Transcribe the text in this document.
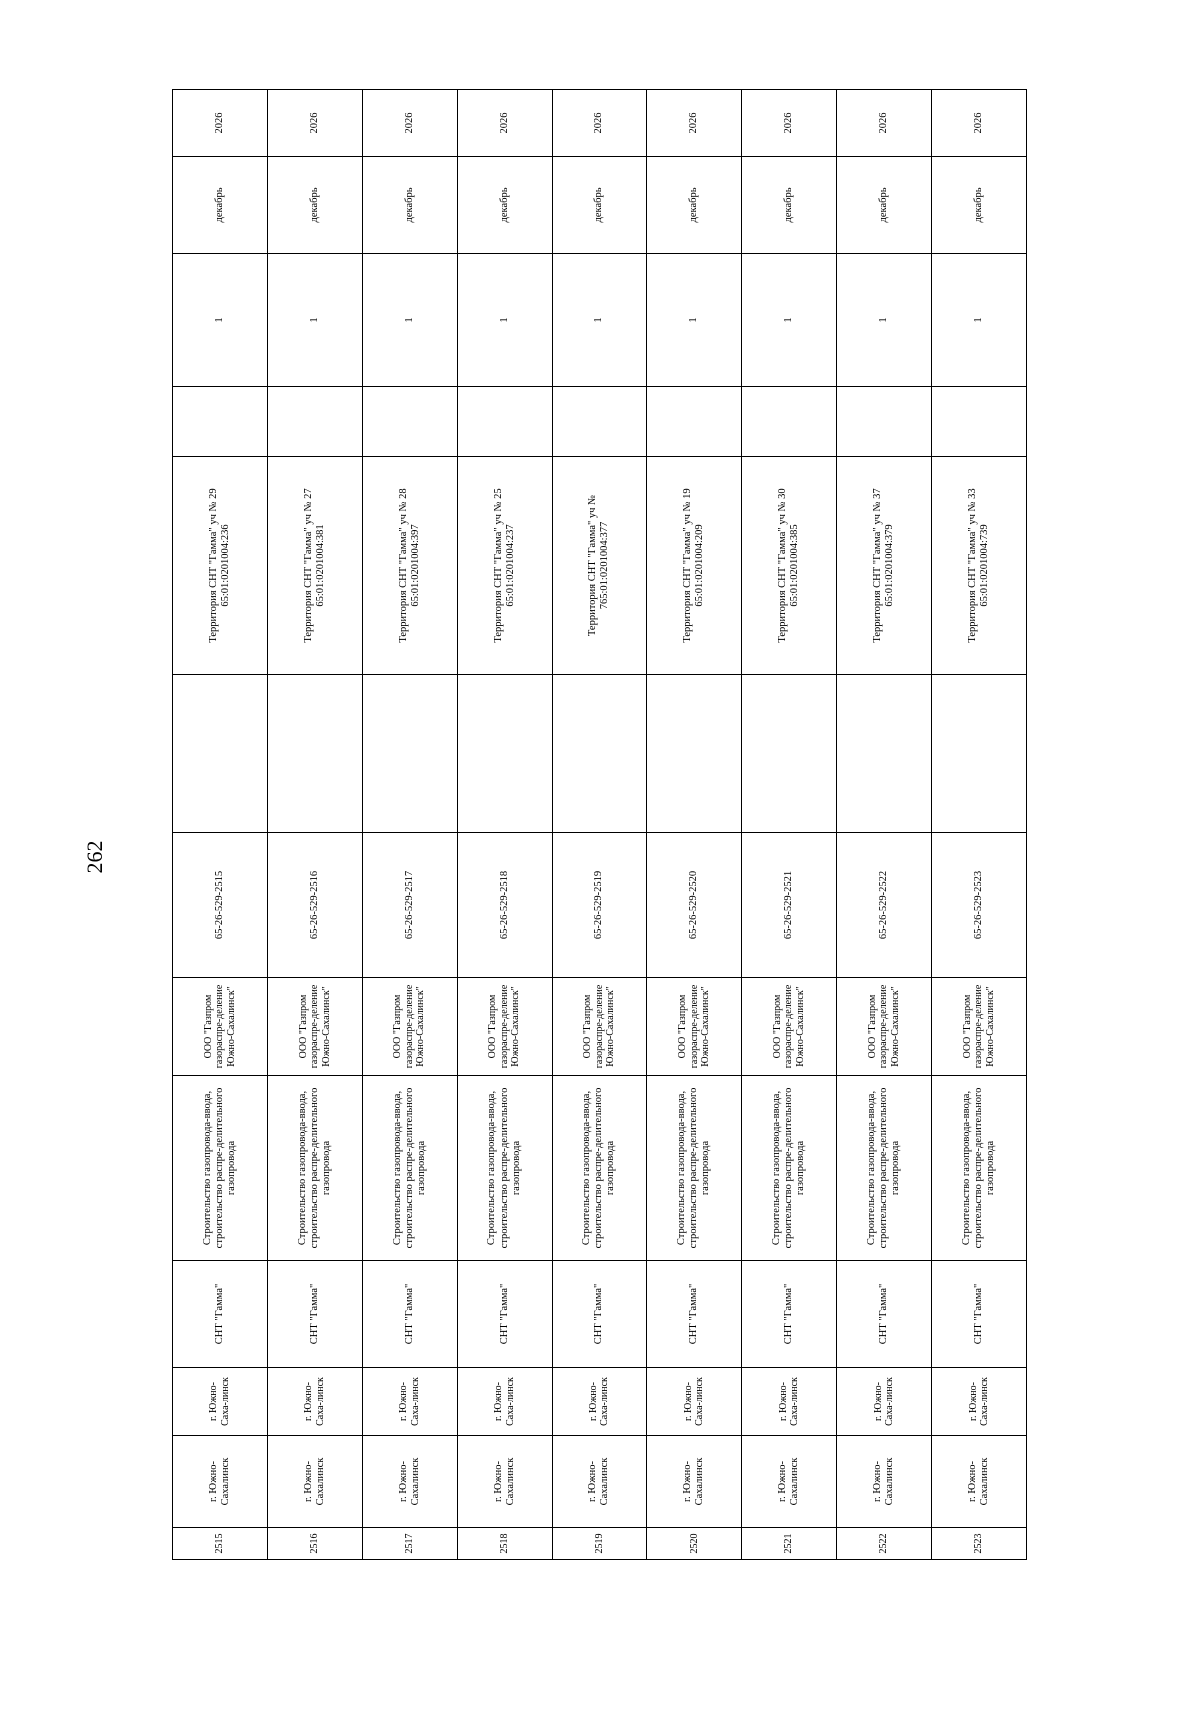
262
2515	г. Южно-Сахалинск	г. Южно-Саха-линск	СНТ "Гамма"	Строительство газопровода-ввода, строительство распре-делительного газопровода	ООО "Газпром газораспре-деление Южно-Сахалинск"	65-26-529-2515		Территория СНТ "Гамма" уч № 29 65:01:0201004:236		1	декабрь	2026
2516	г. Южно-Сахалинск	г. Южно-Саха-линск	СНТ "Гамма"	Строительство газопровода-ввода, строительство распре-делительного газопровода	ООО "Газпром газораспре-деление Южно-Сахалинск"	65-26-529-2516		Территория СНТ "Гамма" уч № 27 65:01:0201004:381		1	декабрь	2026
2517	г. Южно-Сахалинск	г. Южно-Саха-линск	СНТ "Гамма"	Строительство газопровода-ввода, строительство распре-делительного газопровода	ООО "Газпром газораспре-деление Южно-Сахалинск"	65-26-529-2517		Территория СНТ "Гамма" уч № 28 65:01:0201004:397		1	декабрь	2026
2518	г. Южно-Сахалинск	г. Южно-Саха-линск	СНТ "Гамма"	Строительство газопровода-ввода, строительство распре-делительного газопровода	ООО "Газпром газораспре-деление Южно-Сахалинск"	65-26-529-2518		Территория СНТ "Гамма" уч № 25 65:01:0201004:237		1	декабрь	2026
2519	г. Южно-Сахалинск	г. Южно-Саха-линск	СНТ "Гамма"	Строительство газопровода-ввода, строительство распре-делительного газопровода	ООО "Газпром газораспре-деление Южно-Сахалинск"	65-26-529-2519		Территория СНТ "Гамма" уч № 765:01:0201004:377		1	декабрь	2026
2520	г. Южно-Сахалинск	г. Южно-Саха-линск	СНТ "Гамма"	Строительство газопровода-ввода, строительство распре-делительного газопровода	ООО "Газпром газораспре-деление Южно-Сахалинск"	65-26-529-2520		Территория СНТ "Гамма" уч № 19 65:01:0201004:209		1	декабрь	2026
2521	г. Южно-Сахалинск	г. Южно-Саха-линск	СНТ "Гамма"	Строительство газопровода-ввода, строительство распре-делительного газопровода	ООО "Газпром газораспре-деление Южно-Сахалинск"	65-26-529-2521		Территория СНТ "Гамма" уч № 30 65:01:0201004:385		1	декабрь	2026
2522	г. Южно-Сахалинск	г. Южно-Саха-линск	СНТ "Гамма"	Строительство газопровода-ввода, строительство распре-делительного газопровода	ООО "Газпром газораспре-деление Южно-Сахалинск"	65-26-529-2522		Территория СНТ "Гамма" уч № 37 65:01:0201004:379		1	декабрь	2026
2523	г. Южно-Сахалинск	г. Южно-Саха-линск	СНТ "Гамма"	Строительство газопровода-ввода, строительство распре-делительного газопровода	ООО "Газпром газораспре-деление Южно-Сахалинск"	65-26-529-2523		Территория СНТ "Гамма" уч № 33 65:01:0201004:739		1	декабрь	2026
